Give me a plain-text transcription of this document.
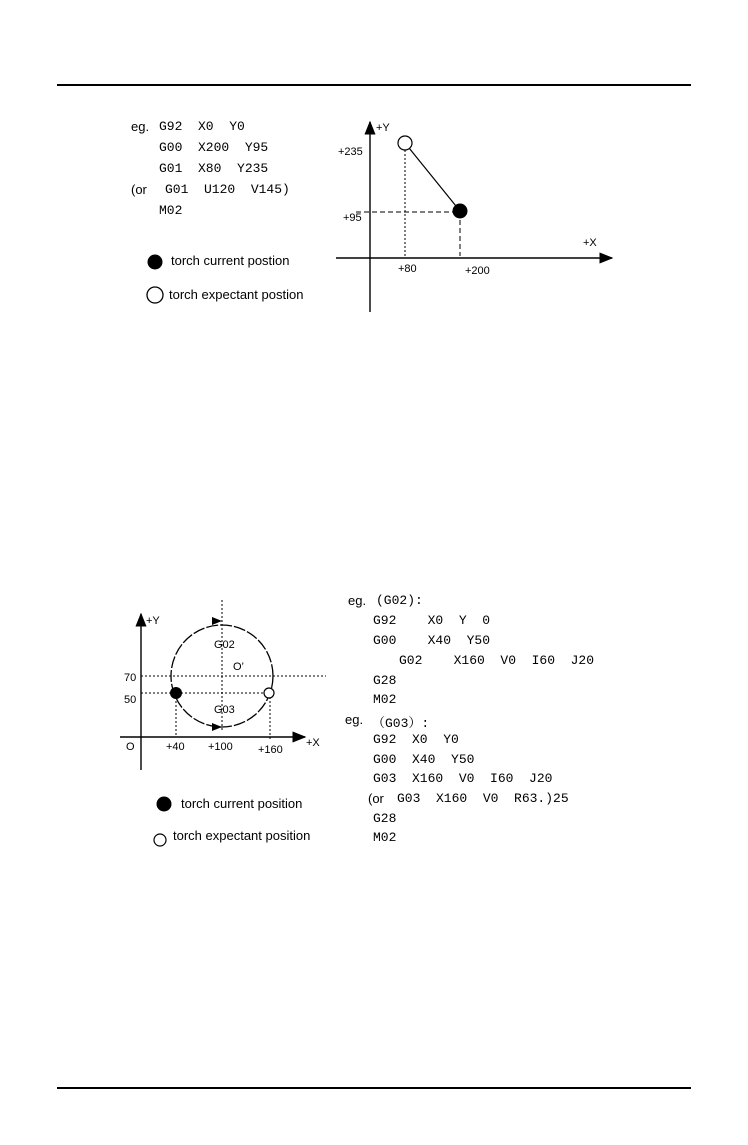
eg. G92  X0  Y0
G00  X200  Y95
G01  X80  Y235
(or G01  U120  V145)
M02
torch current postion
torch expectant postion
+Y
+X
+235
+95
+80	+200
+Y
+X
70
50
O	+40 +100 +160
G02
G03
O’
torch current position
torch expectant position
eg. (G02):
G92    X0  Y  0
G00    X40  Y50
G02    X160  V0  I60  J20
G28
M02
eg. （G03）:
G92  X0  Y0
G00  X40  Y50
G03  X160  V0  I60  J20
(or G03  X160  V0  R63.)25
G28
M02
